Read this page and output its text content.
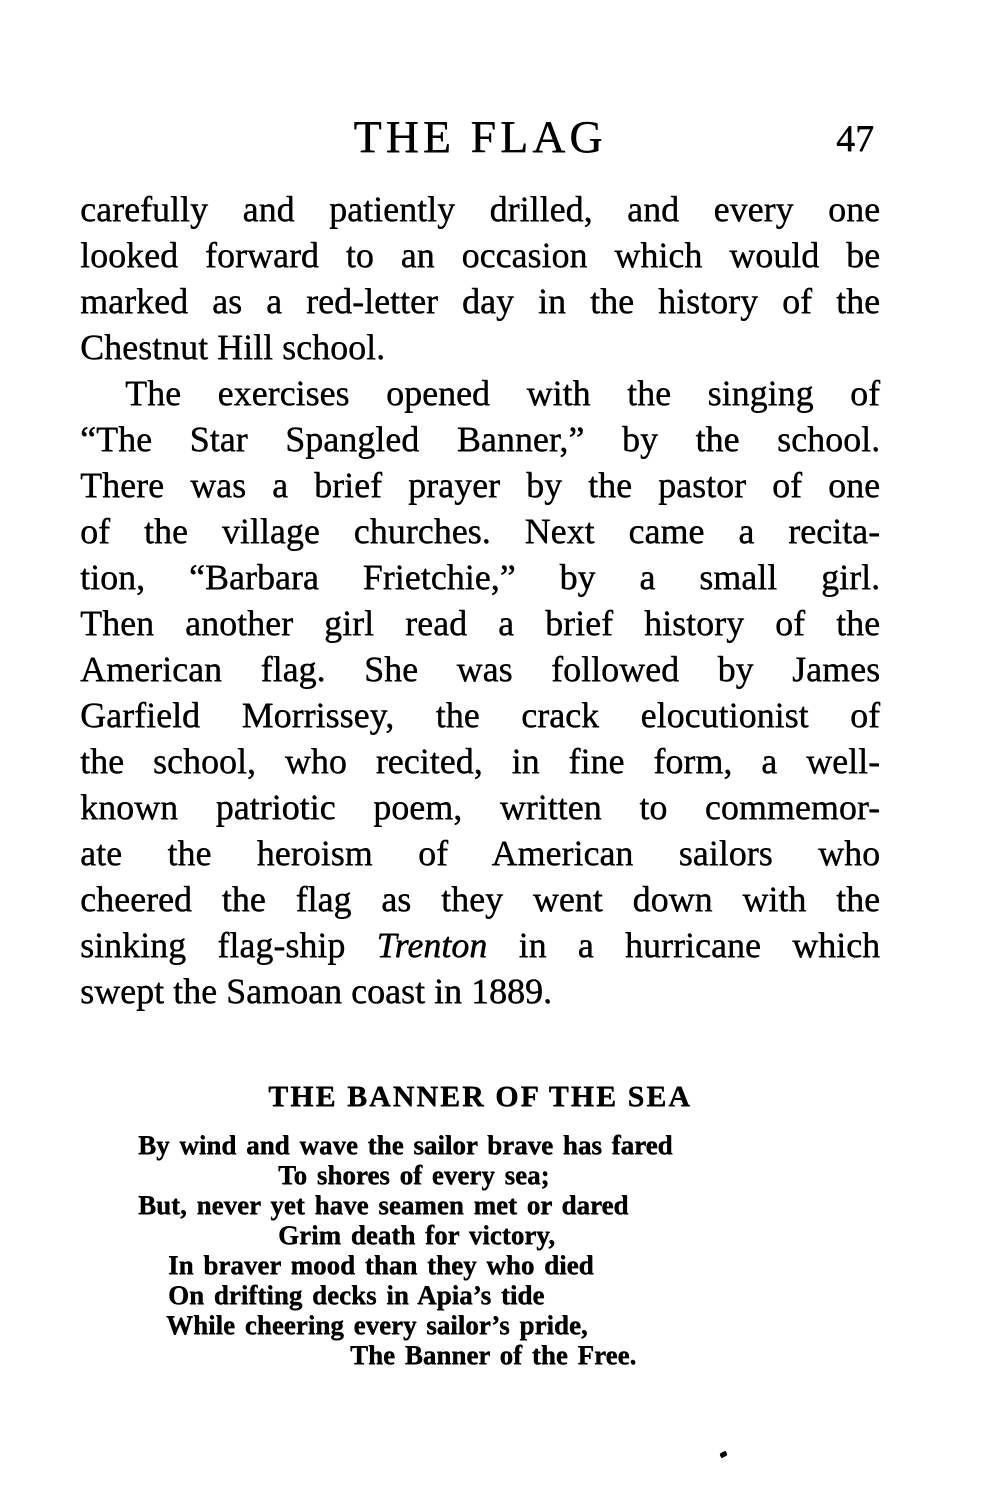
THE FLAG	47
carefully and patiently drilled, and every one
looked forward to an occasion which would be
marked as a red-letter day in the history of the
Chestnut Hill school.
The exercises opened with the singing of
“The Star Spangled Banner,” by the school.
There was a brief prayer by the pastor of one
of the village churches. Next came a recita-
tion, “Barbara Frietchie,” by a small girl.
Then another girl read a brief history of the
American flag. She was followed by James
Garfield Morrissey, the crack elocutionist of
the school, who recited, in fine form, a well-
known patriotic poem, written to commemor-
ate the heroism of American sailors who
cheered the flag as they went down with the
sinking flag-ship Trenton in a hurricane which
swept the Samoan coast in 1889.
THE BANNER OF THE SEA
By wind and wave the sailor brave has fared
To shores of every sea;
But, never yet have seamen met or dared
Grim death for victory,
In braver mood than they who died
On drifting decks in Apia’s tide
While cheering every sailor’s pride,
The Banner of the Free.
